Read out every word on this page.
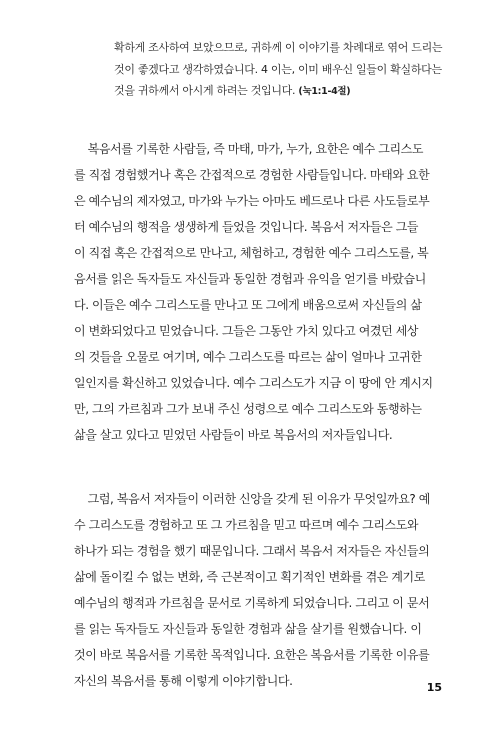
확하게 조사하여 보았으므로, 귀하께 이 이야기를 차례대로 엮어 드리는
것이 좋겠다고 생각하였습니다. 4 이는, 이미 배우신 일들이 확실하다는
것을 귀하께서 아시게 하려는 것입니다. (눅1:1-4절)
복음서를 기록한 사람들, 즉 마태, 마가, 누가, 요한은 예수 그리스도
를 직접 경험했거나 혹은 간접적으로 경험한 사람들입니다. 마태와 요한
은 예수님의 제자였고, 마가와 누가는 아마도 베드로나 다른 사도들로부
터 예수님의 행적을 생생하게 들었을 것입니다. 복음서 저자들은 그들
이 직접 혹은 간접적으로 만나고, 체험하고, 경험한 예수 그리스도를, 복
음서를 읽은 독자들도 자신들과 동일한 경험과 유익을 얻기를 바랐습니
다. 이들은 예수 그리스도를 만나고 또 그에게 배움으로써 자신들의 삶
이 변화되었다고 믿었습니다. 그들은 그동안 가치 있다고 여겼던 세상
의 것들을 오물로 여기며, 예수 그리스도를 따르는 삶이 얼마나 고귀한
일인지를 확신하고 있었습니다. 예수 그리스도가 지금 이 땅에 안 계시지
만, 그의 가르침과 그가 보내 주신 성령으로 예수 그리스도와 동행하는
삶을 살고 있다고 믿었던 사람들이 바로 복음서의 저자들입니다.
그럼, 복음서 저자들이 이러한 신앙을 갖게 된 이유가 무엇일까요? 예
수 그리스도를 경험하고 또 그 가르침을 믿고 따르며 예수 그리스도와
하나가 되는 경험을 했기 때문입니다. 그래서 복음서 저자들은 자신들의
삶에 돌이킬 수 없는 변화, 즉 근본적이고 획기적인 변화를 겪은 계기로
예수님의 행적과 가르침을 문서로 기록하게 되었습니다. 그리고 이 문서
를 읽는 독자들도 자신들과 동일한 경험과 삶을 살기를 원했습니다. 이
것이 바로 복음서를 기록한 목적입니다. 요한은 복음서를 기록한 이유를
자신의 복음서를 통해 이렇게 이야기합니다.	15
